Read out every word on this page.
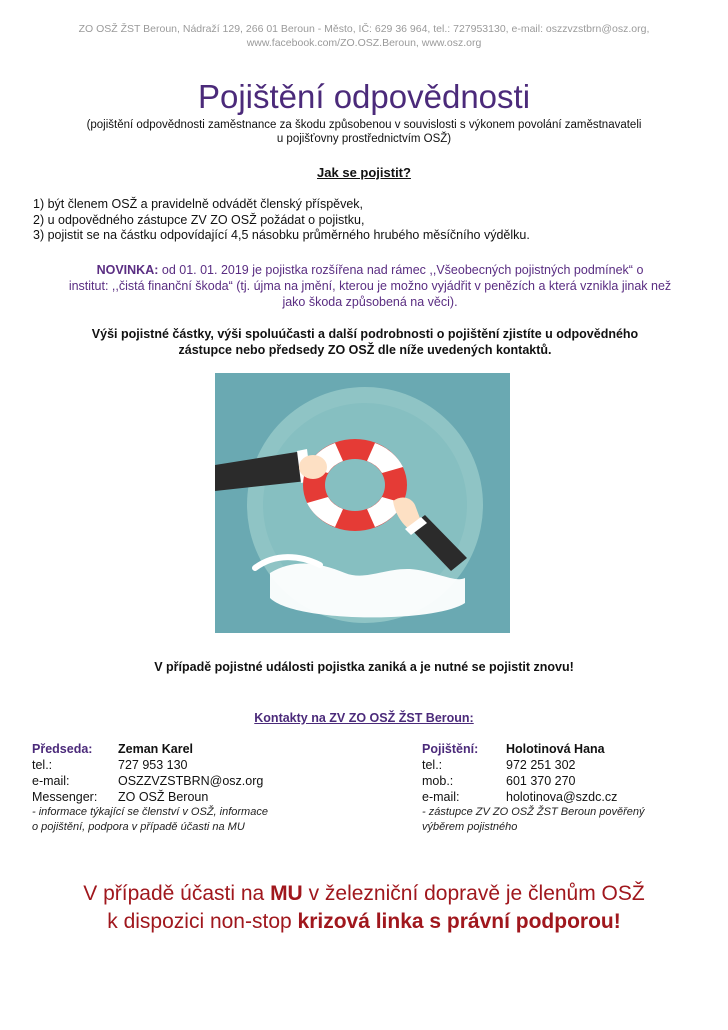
ZO OSŽ ŽST Beroun, Nádraží 129, 266 01 Beroun - Město, IČ: 629 36 964, tel.: 727953130, e-mail: oszzvzstbrn@osz.org,
www.facebook.com/ZO.OSZ.Beroun, www.osz.org
Pojištění odpovědnosti
(pojištění odpovědnosti zaměstnance za škodu způsobenou v souvislosti s výkonem povolání zaměstnavateli
u pojišťovny prostřednictvím OSŽ)
Jak se pojistit?
1) být členem OSŽ a pravidelně odvádět členský příspěvek,
2) u odpovědného zástupce ZV ZO OSŽ požádat o pojistku,
3) pojistit se na částku odpovídající 4,5 násobku průměrného hrubého měsíčního výdělku.
NOVINKA: od 01. 01. 2019 je pojistka rozšířena nad rámec ,,Všeobecných pojistných podmínek“ o
institut: ,,čistá finanční škoda“ (tj. újma na jmění, kterou je možno vyjádřit v penězích a která vznikla jinak než
jako škoda způsobená na věci).
Výši pojistné částky, výši spoluúčasti a další podrobnosti o pojištění zjistíte u odpovědného
zástupce nebo předsedy ZO OSŽ dle níže uvedených kontaktů.
V případě pojistné události pojistka zaniká a je nutné se pojistit znovu!
Kontakty na ZV ZO OSŽ ŽST Beroun:
Předseda:	Zeman Karel
tel.:	727 953 130
e-mail:	OSZZVZSTBRN@osz.org
Messenger:	ZO OSŽ Beroun
- informace týkající se členství v OSŽ, informace
o pojištění, podpora v případě účasti na MU
Pojištění:	Holotinová Hana
tel.:	972 251 302
mob.:	601 370 270
e-mail:	holotinova@szdc.cz
- zástupce ZV ZO OSŽ ŽST Beroun pověřený
výběrem pojistného
V případě účasti na MU v železniční dopravě je členům OSŽ
k dispozici non-stop krizová linka s právní podporou!
